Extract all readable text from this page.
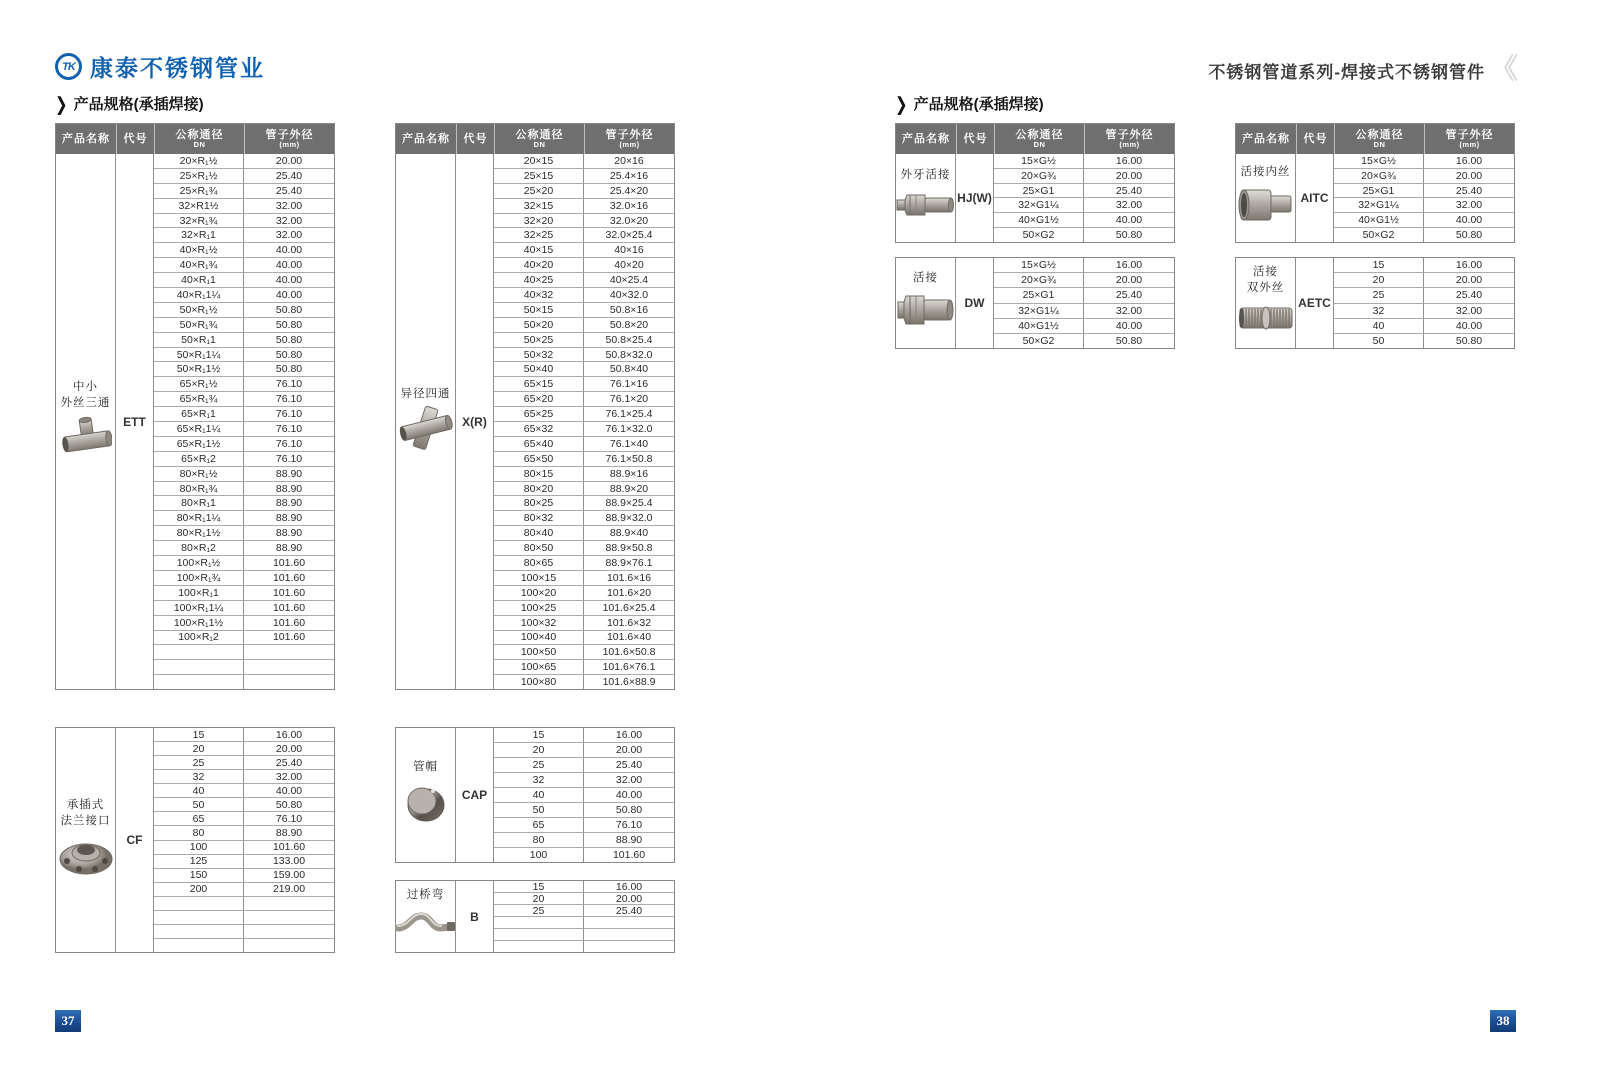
TK 康泰不锈钢管业	不锈钢管道系列-焊接式不锈钢管件 《
❯ 产品规格(承插焊接)	❯ 产品规格(承插焊接)
产品名称 代号	公称通径
DN
管子外径
(mm)
中小
外丝三通
ETT
20×R₁½	20.00
25×R₁½	25.40
25×R₁¾	25.40
32×R1½	32.00
32×R₁¾	32.00
32×R₁1	32.00
40×R₁½	40.00
40×R₁¾	40.00
40×R₁1	40.00
40×R₁1¼	40.00
50×R₁½	50.80
50×R₁¾	50.80
50×R₁1	50.80
50×R₁1¼	50.80
50×R₁1½	50.80
65×R₁½	76.10
65×R₁¾	76.10
65×R₁1	76.10
65×R₁1¼	76.10
65×R₁1½	76.10
65×R₁2	76.10
80×R₁½	88.90
80×R₁¾	88.90
80×R₁1	88.90
80×R₁1¼	88.90
80×R₁1½	88.90
80×R₁2	88.90
100×R₁½	101.60
100×R₁¾	101.60
100×R₁1	101.60
100×R₁1¼	101.60
100×R₁1½	101.60
100×R₁2	101.60
产品名称 代号	公称通径
DN
管子外径
(mm)
异径四通
X(R)
20×15	20×16
25×15	25.4×16
25×20	25.4×20
32×15	32.0×16
32×20	32.0×20
32×25	32.0×25.4
40×15	40×16
40×20	40×20
40×25	40×25.4
40×32	40×32.0
50×15	50.8×16
50×20	50.8×20
50×25	50.8×25.4
50×32	50.8×32.0
50×40	50.8×40
65×15	76.1×16
65×20	76.1×20
65×25	76.1×25.4
65×32	76.1×32.0
65×40	76.1×40
65×50	76.1×50.8
80×15	88.9×16
80×20	88.9×20
80×25	88.9×25.4
80×32	88.9×32.0
80×40	88.9×40
80×50	88.9×50.8
80×65	88.9×76.1
100×15	101.6×16
100×20	101.6×20
100×25	101.6×25.4
100×32	101.6×32
100×40	101.6×40
100×50	101.6×50.8
100×65	101.6×76.1
100×80	101.6×88.9
承插式
法兰接口
CF
15	16.00
20	20.00
25	25.40
32	32.00
40	40.00
50	50.80
65	76.10
80	88.90
100	101.60
125	133.00
150	159.00
200	219.00
管帽
CAP
15	16.00
20	20.00
25	25.40
32	32.00
40	40.00
50	50.80
65	76.10
80	88.90
100	101.60
过桥弯
B
15	16.00
20	20.00
25	25.40
产品名称 代号	公称通径
DN
管子外径
(mm)
外牙活接
HJ(W)
15×G½	16.00
20×G¾	20.00
25×G1	25.40
32×G1¼	32.00
40×G1½	40.00
50×G2	50.80
活接
DW
15×G½	16.00
20×G¾	20.00
25×G1	25.40
32×G1¼	32.00
40×G1½	40.00
50×G2	50.80
产品名称 代号	公称通径
DN
管子外径
(mm)
活接内丝
AITC
15×G½	16.00
20×G¾	20.00
25×G1	25.40
32×G1¼	32.00
40×G1½	40.00
50×G2	50.80
活接
双外丝
AETC
15	16.00
20	20.00
25	25.40
32	32.00
40	40.00
50	50.80
37	38
